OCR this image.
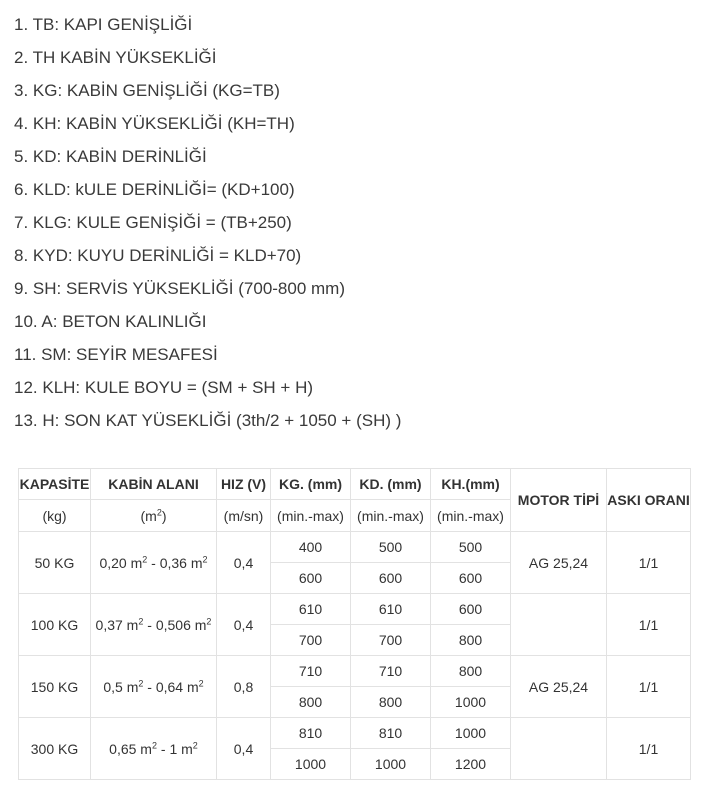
1. TB: KAPI GENİŞLİĞİ
2. TH KABİN YÜKSEKLİĞİ
3. KG: KABİN GENİŞLİĞİ (KG=TB)
4. KH: KABİN YÜKSEKLİĞİ (KH=TH)
5. KD: KABİN DERİNLİĞİ
6. KLD: kULE DERİNLİĞİ= (KD+100)
7. KLG: KULE GENİŞİĞİ = (TB+250)
8. KYD: KUYU DERİNLİĞİ = KLD+70)
9. SH: SERVİS YÜKSEKLİĞİ (700-800 mm)
10. A: BETON KALINLIĞI
11. SM: SEYİR MESAFESİ
12. KLH: KULE BOYU = (SM + SH + H)
13. H: SON KAT YÜSEKLİĞİ (3th/2 + 1050 + (SH) )
KAPASİTE	KABİN ALANI	HIZ (V)	KG. (mm)	KD. (mm)	KH.(mm)	MOTOR TİPİ	ASKI ORANI
(kg)	$(m^2)$	(m/sn)	(min.-max)	(min.-max)	(min.-max)		
50 KG	0,20 $m^2 - 0,36$ $m^2$	0,4	400	500	500	AG 25,24	1/1
			600	600	600		
100 KG	0,37 $m^2 - 0,506$ $m^2$	0,4	610	610	600		1/1
			700	700	800		
150 KG	0,5 $m^2 - 0,64$ $m^2$	0,8	710	710	800	AG 25,24	1/1
			800	800	1000		
300 KG	0,65 $m^2 - 1$ $m^2$	0,4	810	810	1000		1/1
			1000	1000	1200		
